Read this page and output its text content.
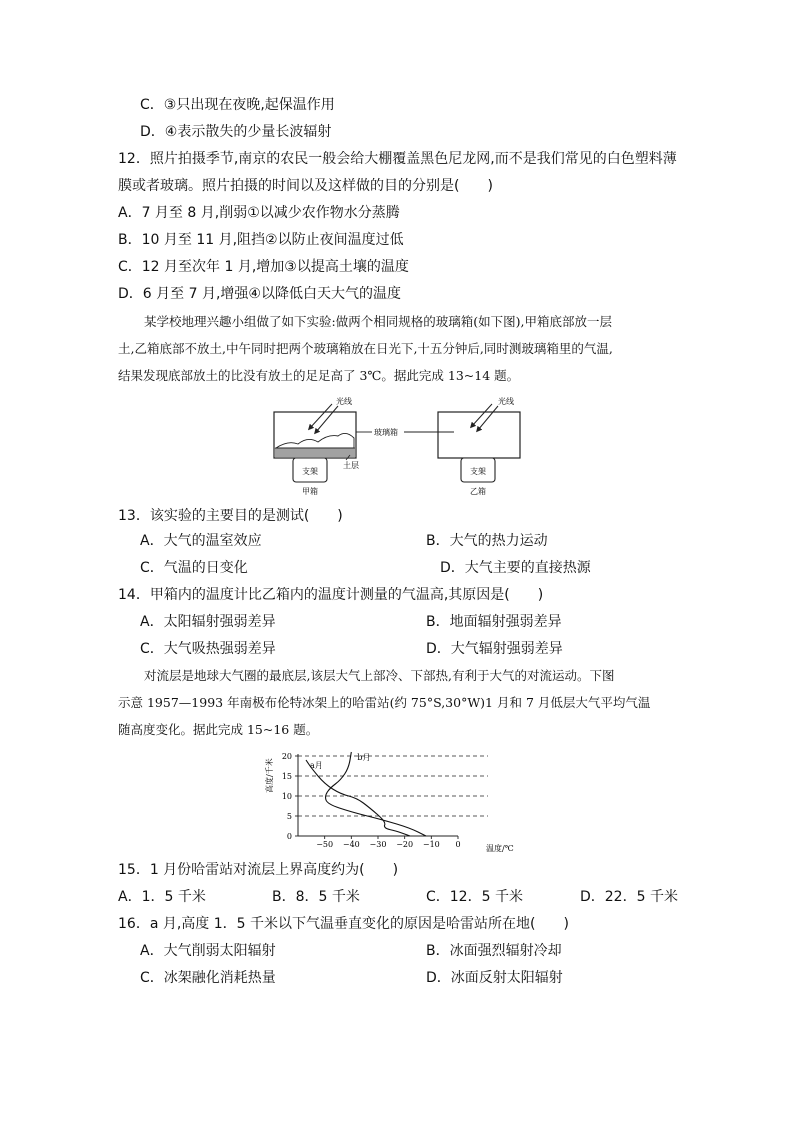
C．③只出现在夜晚,起保温作用
D．④表示散失的少量长波辐射
12．照片拍摄季节,南京的农民一般会给大棚覆盖黑色尼龙网,而不是我们常见的白色塑料薄
膜或者玻璃。照片拍摄的时间以及这样做的目的分别是(　　)
A．7 月至 8 月,削弱①以减少农作物水分蒸腾
B．10 月至 11 月,阻挡②以防止夜间温度过低
C．12 月至次年 1 月,增加③以提高土壤的温度
D．6 月至 7 月,增强④以降低白天大气的温度
某学校地理兴趣小组做了如下实验:做两个相同规格的玻璃箱(如下图),甲箱底部放一层
土,乙箱底部不放土,中午同时把两个玻璃箱放在日光下,十五分钟后,同时测玻璃箱里的气温,
结果发现底部放土的比没有放土的足足高了 3℃。据此完成 13~14 题。
光线
支架
甲箱
土层
玻璃箱
光线
支架
乙箱
13．该实验的主要目的是测试(　　)
A．大气的温室效应	B．大气的热力运动
C．气温的日变化	D．大气主要的直接热源
14．甲箱内的温度计比乙箱内的温度计测量的气温高,其原因是(　　)
A．太阳辐射强弱差异	B．地面辐射强弱差异
C．大气吸热强弱差异	D．大气辐射强弱差异
对流层是地球大气圈的最底层,该层大气上部冷、下部热,有利于大气的对流运动。下图
示意 1957—1993 年南极布伦特冰架上的哈雷站(约 75°S,30°W)1 月和 7 月低层大气平均气温
随高度变化。据此完成 15~16 题。
高度/千米
温度/℃
0
5
10
15
20
−50 −40 −30 −20 −10 0
a月
b月
15．1 月份哈雷站对流层上界高度约为(　　)
A．1．5 千米	B．8．5 千米	C．12．5 千米	D．22．5 千米
16．a 月,高度 1．5 千米以下气温垂直变化的原因是哈雷站所在地(　　)
A．大气削弱太阳辐射	B．冰面强烈辐射冷却
C．冰架融化消耗热量	D．冰面反射太阳辐射
